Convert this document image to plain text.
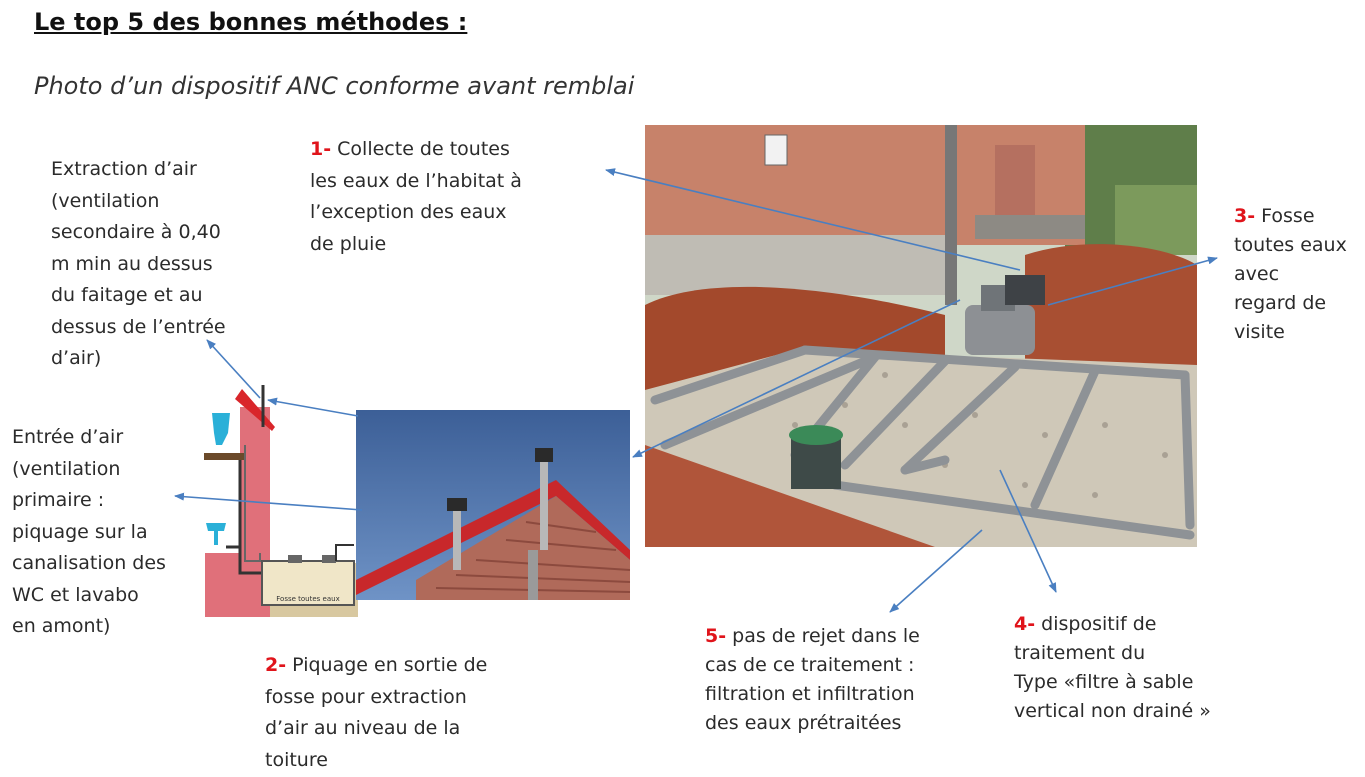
Le top 5 des bonnes méthodes :
Photo d’un dispositif ANC conforme avant remblai
Extraction d’air
(ventilation
secondaire à 0,40
m min au dessus
du faitage et au
dessus de l’entrée
d’air)
Entrée d’air
(ventilation
primaire :
piquage sur la
canalisation des
WC et lavabo
en amont)
1- Collecte de toutes
les eaux de l’habitat à
l’exception des eaux
de pluie
2- Piquage en sortie de
fosse pour extraction
d’air au niveau de la
toiture
3- Fosse
toutes eaux
avec
regard de
visite
4- dispositif de
traitement du
Type «filtre à sable
vertical non drainé »
5- pas de rejet dans le
cas de ce traitement :
filtration et infiltration
des eaux prétraitées
Fosse toutes eaux
